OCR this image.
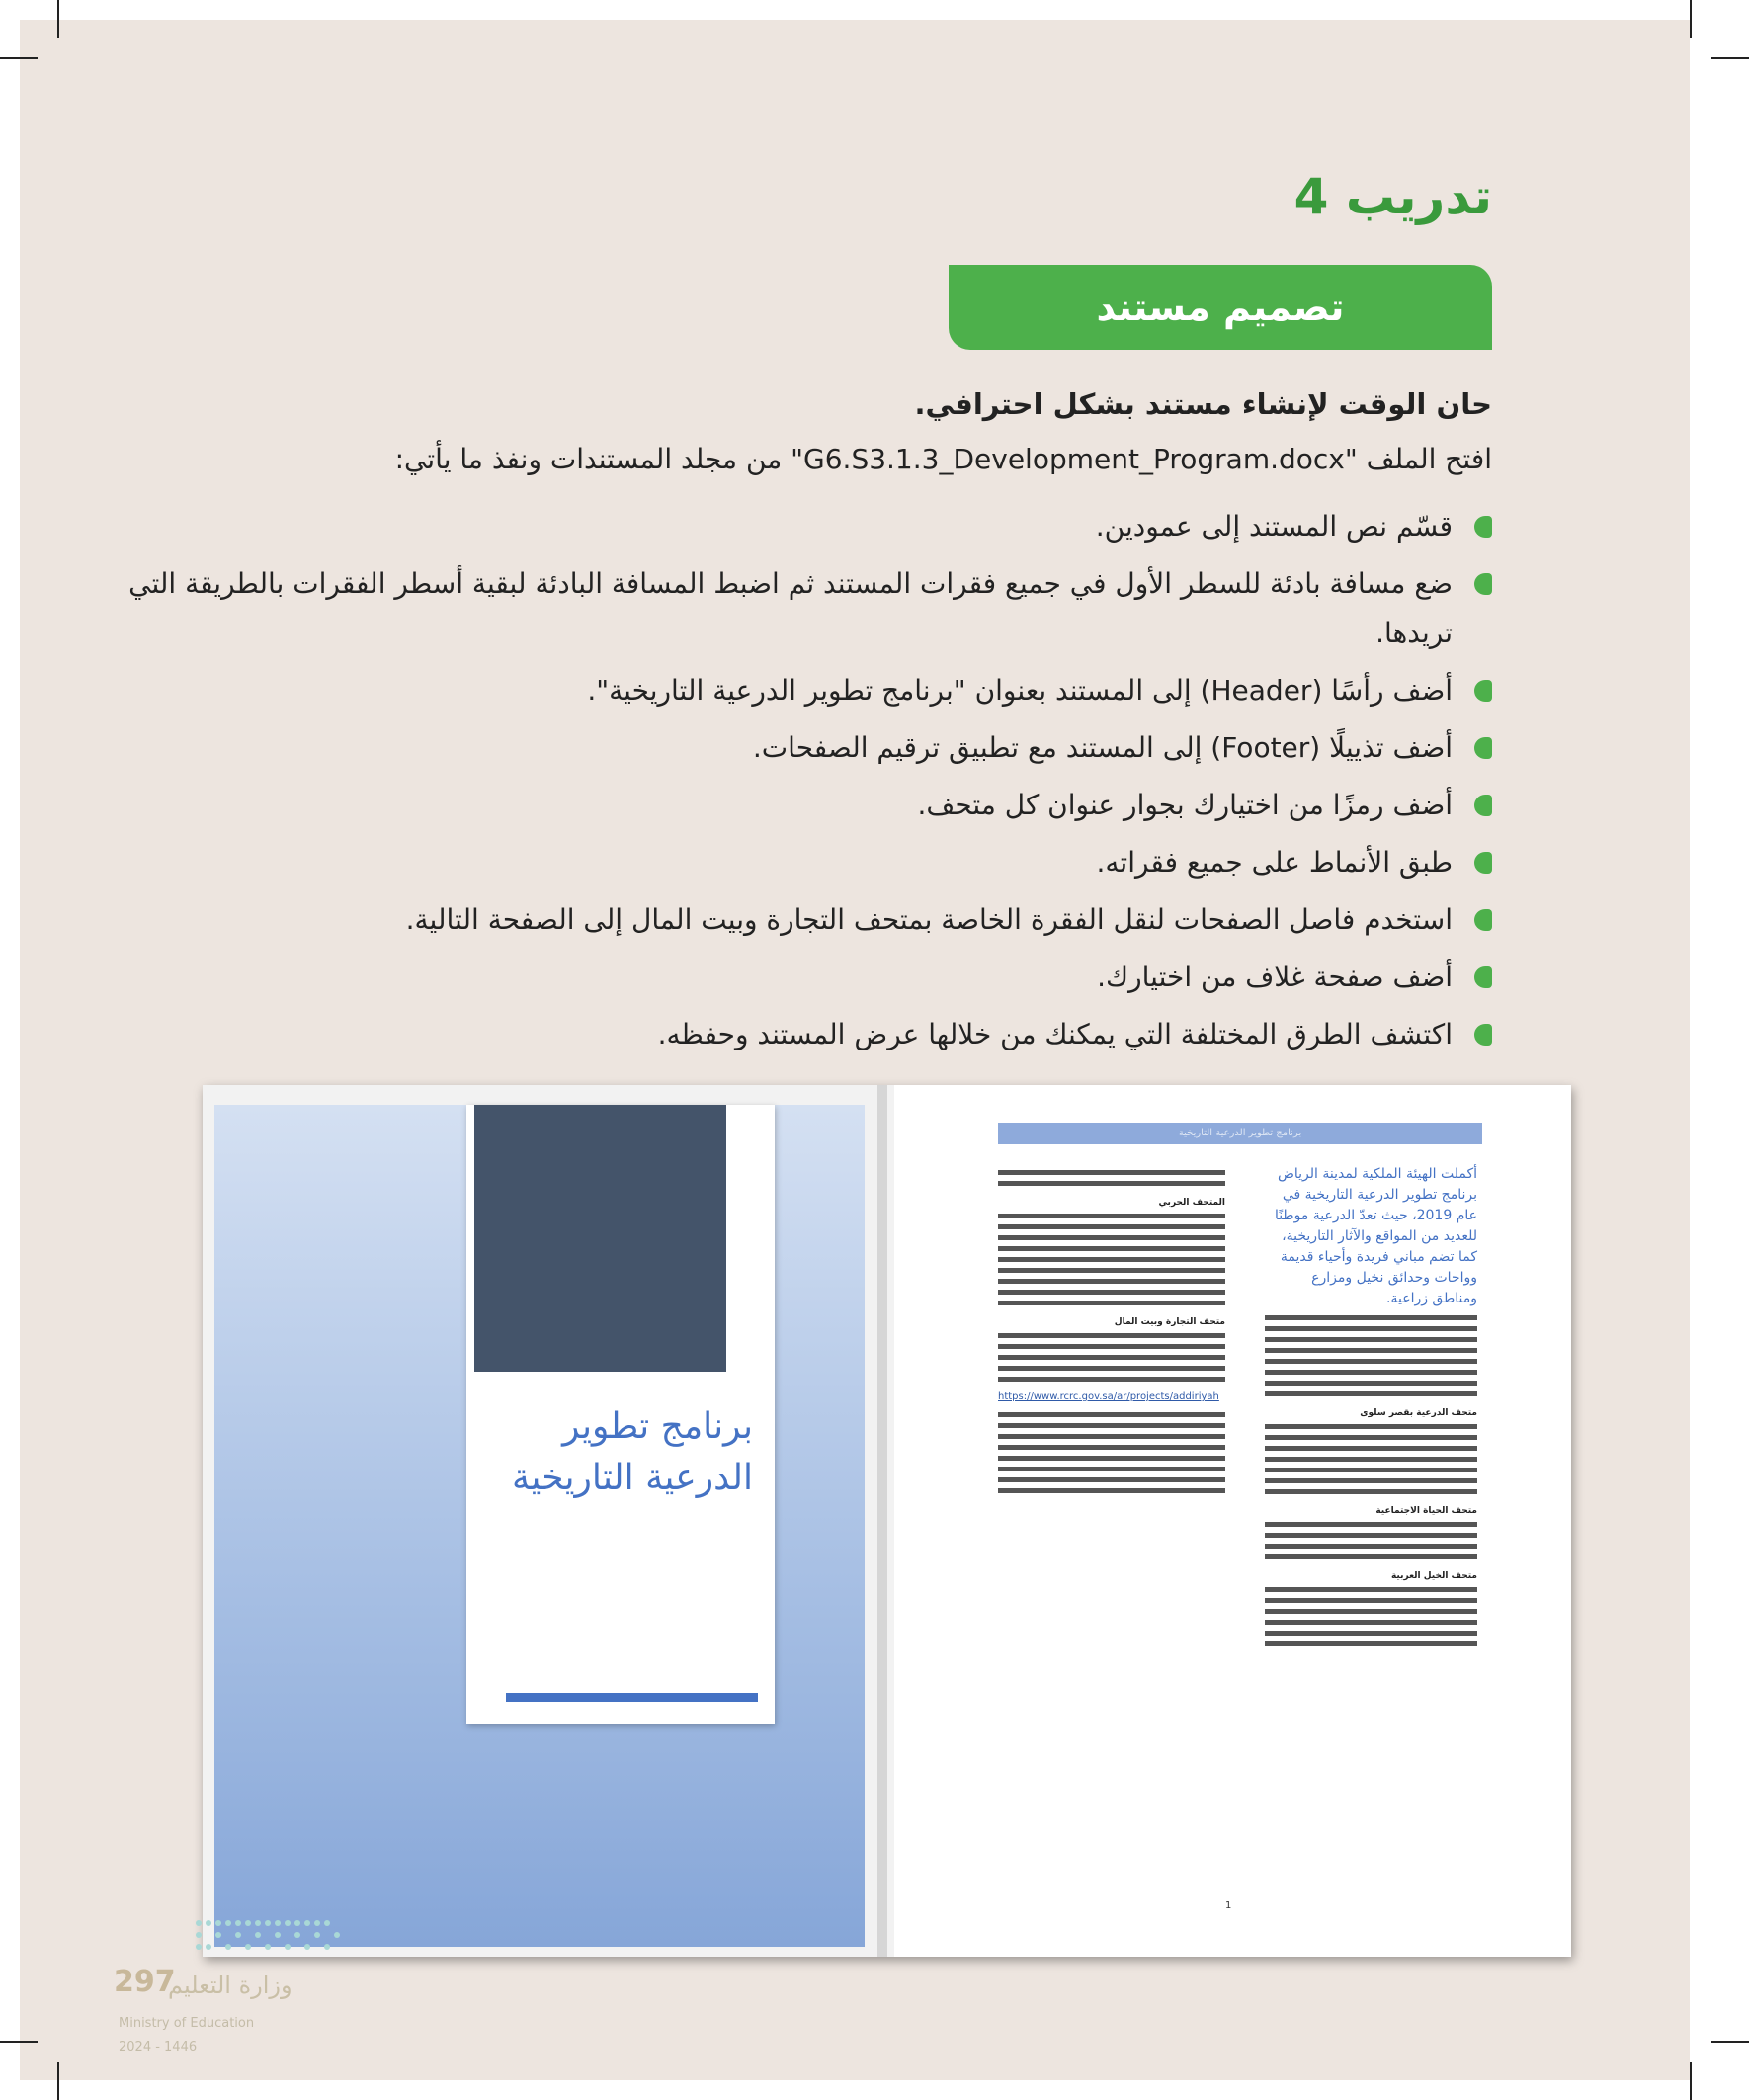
تدريب 4
تصميم مستند
حان الوقت لإنشاء مستند بشكل احترافي.
افتح الملف "G6.S3.1.3_Development_Program.docx" من مجلد المستندات ونفذ ما يأتي:
قسّم نص المستند إلى عمودين.
ضع مسافة بادئة للسطر الأول في جميع فقرات المستند ثم اضبط المسافة البادئة لبقية أسطر الفقرات بالطريقة التي تريدها.
أضف رأسًا (Header) إلى المستند بعنوان "برنامج تطوير الدرعية التاريخية".
أضف تذييلًا (Footer) إلى المستند مع تطبيق ترقيم الصفحات.
أضف رمزًا من اختيارك بجوار عنوان كل متحف.
طبق الأنماط على جميع فقراته.
استخدم فاصل الصفحات لنقل الفقرة الخاصة بمتحف التجارة وبيت المال إلى الصفحة التالية.
أضف صفحة غلاف من اختيارك.
اكتشف الطرق المختلفة التي يمكنك من خلالها عرض المستند وحفظه.
برنامج تطوير الدرعية التاريخية
برنامج تطوير الدرعية التاريخية
أكملت الهيئة الملكية لمدينة الرياض برنامج تطوير الدرعية التاريخية في عام 2019، حيث تعدّ الدرعية موطنًا للعديد من المواقع والآثار التاريخية، كما تضم مباني فريدة وأحياء قديمة وواحات وحدائق نخيل ومزارع ومناطق زراعية.
متحف الدرعية بقصر سلوى
متحف الحياة الاجتماعية
متحف الخيل العربية
المتحف الحربي
متحف التجارة وبيت المال
https://www.rcrc.gov.sa/ar/projects/addiriyah
1
297
وزارة التعليم
Ministry of Education
2024 - 1446
